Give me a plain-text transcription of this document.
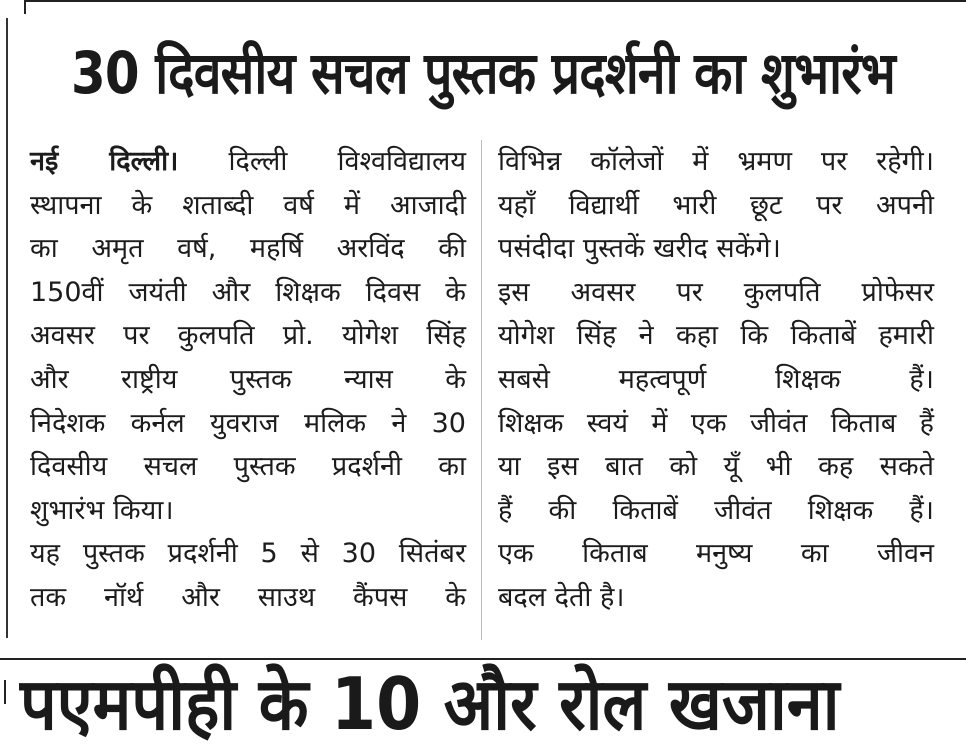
30 दिवसीय सचल पुस्तक प्रदर्शनी का शुभारंभ

नई दिल्ली। दिल्ली विश्वविद्यालय

स्थापना के शताब्दी वर्ष में आजादी

का अमृत वर्ष, महर्षि अरविंद की

150वीं जयंती और शिक्षक दिवस के

अवसर पर कुलपति प्रो. योगेश सिंह

और राष्ट्रीय पुस्तक न्यास के

निदेशक कर्नल युवराज मलिक ने 30

दिवसीय सचल पुस्तक प्रदर्शनी का

शुभारंभ किया।

यह पुस्तक प्रदर्शनी 5 से 30 सितंबर

तक नॉर्थ और साउथ कैंपस के

विभिन्न कॉलेजों में भ्रमण पर रहेगी।

यहाँ विद्यार्थी भारी छूट पर अपनी

पसंदीदा पुस्तकें खरीद सकेंगे।

इस अवसर पर कुलपति प्रोफेसर

योगेश सिंह ने कहा कि किताबें हमारी

सबसे महत्वपूर्ण शिक्षक हैं।

शिक्षक स्वयं में एक जीवंत किताब हैं

या इस बात को यूँ भी कह सकते

हैं की किताबें जीवंत शिक्षक हैं।

एक किताब मनुष्य का जीवन

बदल देती है।

पएमपीही के 10 और रोल खजाना
